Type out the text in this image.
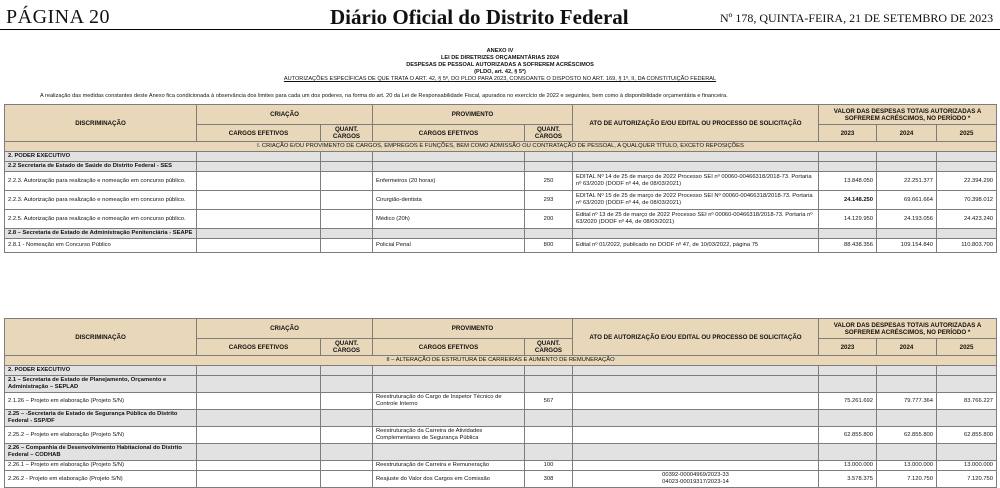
PÁGINA 20	Diário Oficial do Distrito Federal	Nº 178, QUINTA-FEIRA, 21 DE SETEMBRO DE 2023
ANEXO IV
LEI DE DIRETRIZES ORÇAMENTÁRIAS 2024
DESPESAS DE PESSOAL AUTORIZADAS A SOFREREM ACRÉSCIMOS
(PLDO, art. 42, § 5º)
AUTORIZAÇÕES ESPECÍFICAS DE QUE TRATA O ART. 42, § 5º, DO PLDO PARA 2023, CONSOANTE O DISPOSTO NO ART. 169, § 1º, II, DA CONSTITUIÇÃO FEDERAL
A realização das medidas constantes deste Anexo fica condicionada à observância dos limites para cada um dos poderes, na forma do art. 20 da Lei de Responsabilidade Fiscal, apurados no exercício de 2022 e seguintes, bem como à disponibilidade orçamentária e financeira.
DISCRIMINAÇÃO	CRIAÇÃO		PROVIMENTO		ATO DE AUTORIZAÇÃO E/OU EDITAL OU PROCESSO DE SOLICITAÇÃO	VALOR DAS DESPESAS TOTAIS AUTORIZADAS A SOFREREM ACRÉSCIMOS, NO PERÍODO *		
	CARGOS EFETIVOS	QUANT. CARGOS	CARGOS EFETIVOS	QUANT. CARGOS		2023	2024	2025
I. CRIAÇÃO E/OU PROVIMENTO DE CARGOS, EMPREGOS E FUNÇÕES, BEM COMO ADMISSÃO OU CONTRATAÇÃO DE PESSOAL, A QUALQUER TÍTULO, EXCETO REPOSIÇÕES								
2. PODER EXECUTIVO								
2.2 Secretaria de Estado de Saúde do Distrito Federal - SES								
2.2.3. Autorização para realização e nomeação em concurso público.			Enfermeiros (20 horas)	250	EDITAL Nº 14 de 25 de março de 2022 Processo SEI nº 00060-00466318/2018-73. Portaria nº 63/2020 (DODF nº 44, de 08/03/2021)	13.848.050	22.251.377	22.394.290
2.2.3. Autorização para realização e nomeação em concurso público.			Cirurgião-dentista	293	EDITAL Nº 15 de 25 de março de 2022 Processo SEI Nº 00060-00466318/2018-73. Portaria nº 63/2020 (DODF nº 44, de 08/03/2021)	24.148.250	69.661.664	70.398.012
2.2.5. Autorização para realização e nomeação em concurso público.			Médico (20h)	200	Edital nº 13 de 25 de março de 2022 Processo SEI nº 00060-00466318/2018-73. Portaria nº 63/2020 (DODF nº 44, de 08/03/2021)	14.129.950	24.193.056	24.423.240
2.8 – Secretaria de Estado de Administração Penitenciária - SEAPE								
2.8.1 - Nomeação em Concurso Público			Policial Penal	800	Edital nº 01/2022, publicado no DODF nº 47, de 10/03/2022, página 75	88.438.356	109.154.840	110.803.700
DISCRIMINAÇÃO	CRIAÇÃO		PROVIMENTO		ATO DE AUTORIZAÇÃO E/OU EDITAL OU PROCESSO DE SOLICITAÇÃO	VALOR DAS DESPESAS TOTAIS AUTORIZADAS A SOFREREM ACRÉSCIMOS, NO PERÍODO *		
	CARGOS EFETIVOS	QUANT. CARGOS	CARGOS EFETIVOS	QUANT. CARGOS		2023	2024	2025
II – ALTERAÇÃO DE ESTRUTURA DE CARREIRAS E AUMENTO DE REMUNERAÇÃO								
2. PODER EXECUTIVO								
2.1 – Secretaria de Estado de Planejamento, Orçamento e Administração – SEPLAD								
2.1.26 – Projeto em elaboração (Projeto S/N)			Reestruturação do Cargo de Inspetor Técnico de Controle Interno	567		75.261.692	79.777.364	83.766.227
2.25 – -Secretaria de Estado de Segurança Pública do Distrito Federal - SSP/DF								
2.25.2 – Projeto em elaboração (Projeto S/N)			Reestruturação da Carreira de Atividades Complementares de Segurança Pública			62.855.800	62.855.800	62.855.800
2.26 – Companhia de Desenvolvimento Habitacional do Distrito Federal – CODHAB								
2.26.1 – Projeto em elaboração (Projeto S/N)			Reestruturação de Carreira e Remuneração	100		13.000.000	13.000.000	13.000.000
2.26.2 - Projeto em elaboração (Projeto S/N)			Reajuste do Valor dos Cargos em Comissão	308	00392-00004969/2023-33
04023-00019317/2023-14	3.578.375	7.120.750	7.120.750
